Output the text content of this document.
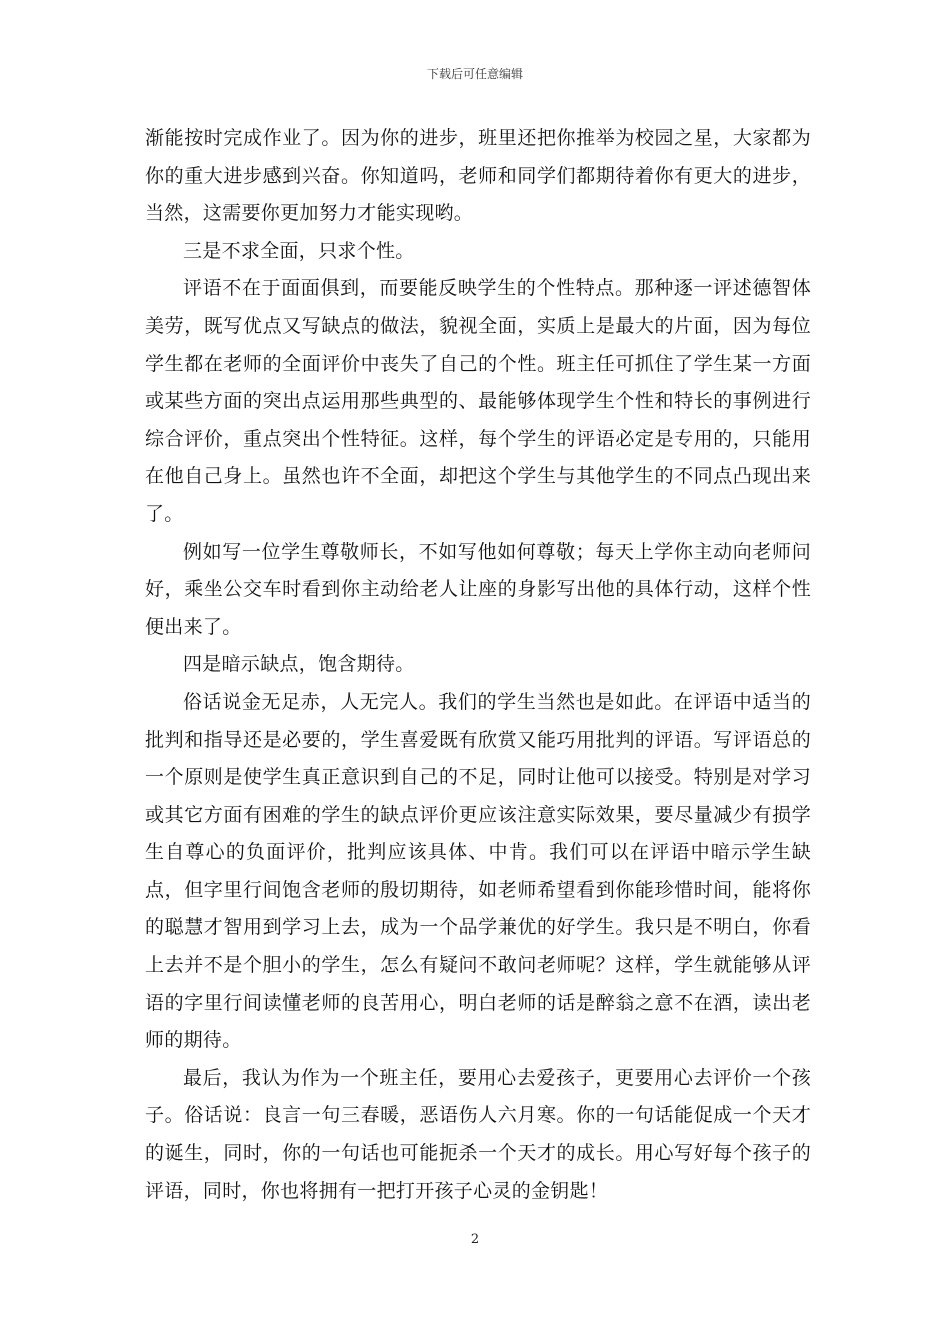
下载后可任意编辑

渐能按时完成作业了。因为你的进步，班里还把你推举为校园之星，大家都为你的重大进步感到兴奋。你知道吗，老师和同学们都期待着你有更大的进步，当然，这需要你更加努力才能实现哟。

三是不求全面，只求个性。

评语不在于面面俱到，而要能反映学生的个性特点。那种逐一评述德智体美劳，既写优点又写缺点的做法，貌视全面，实质上是最大的片面，因为每位学生都在老师的全面评价中丧失了自己的个性。班主任可抓住了学生某一方面或某些方面的突出点运用那些典型的、最能够体现学生个性和特长的事例进行综合评价，重点突出个性特征。这样，每个学生的评语必定是专用的，只能用在他自己身上。虽然也许不全面，却把这个学生与其他学生的不同点凸现出来了。

例如写一位学生尊敬师长，不如写他如何尊敬；每天上学你主动向老师问好，乘坐公交车时看到你主动给老人让座的身影写出他的具体行动，这样个性便出来了。

四是暗示缺点，饱含期待。

俗话说金无足赤，人无完人。我们的学生当然也是如此。在评语中适当的批判和指导还是必要的，学生喜爱既有欣赏又能巧用批判的评语。写评语总的一个原则是使学生真正意识到自己的不足，同时让他可以接受。特别是对学习或其它方面有困难的学生的缺点评价更应该注意实际效果，要尽量减少有损学生自尊心的负面评价，批判应该具体、中肯。我们可以在评语中暗示学生缺点，但字里行间饱含老师的殷切期待，如老师希望看到你能珍惜时间，能将你的聪慧才智用到学习上去，成为一个品学兼优的好学生。我只是不明白，你看上去并不是个胆小的学生，怎么有疑问不敢问老师呢？这样，学生就能够从评语的字里行间读懂老师的良苦用心，明白老师的话是醉翁之意不在酒，读出老师的期待。

最后，我认为作为一个班主任，要用心去爱孩子，更要用心去评价一个孩子。俗话说：良言一句三春暖，恶语伤人六月寒。你的一句话能促成一个天才的诞生，同时，你的一句话也可能扼杀一个天才的成长。用心写好每个孩子的评语，同时，你也将拥有一把打开孩子心灵的金钥匙！

2
